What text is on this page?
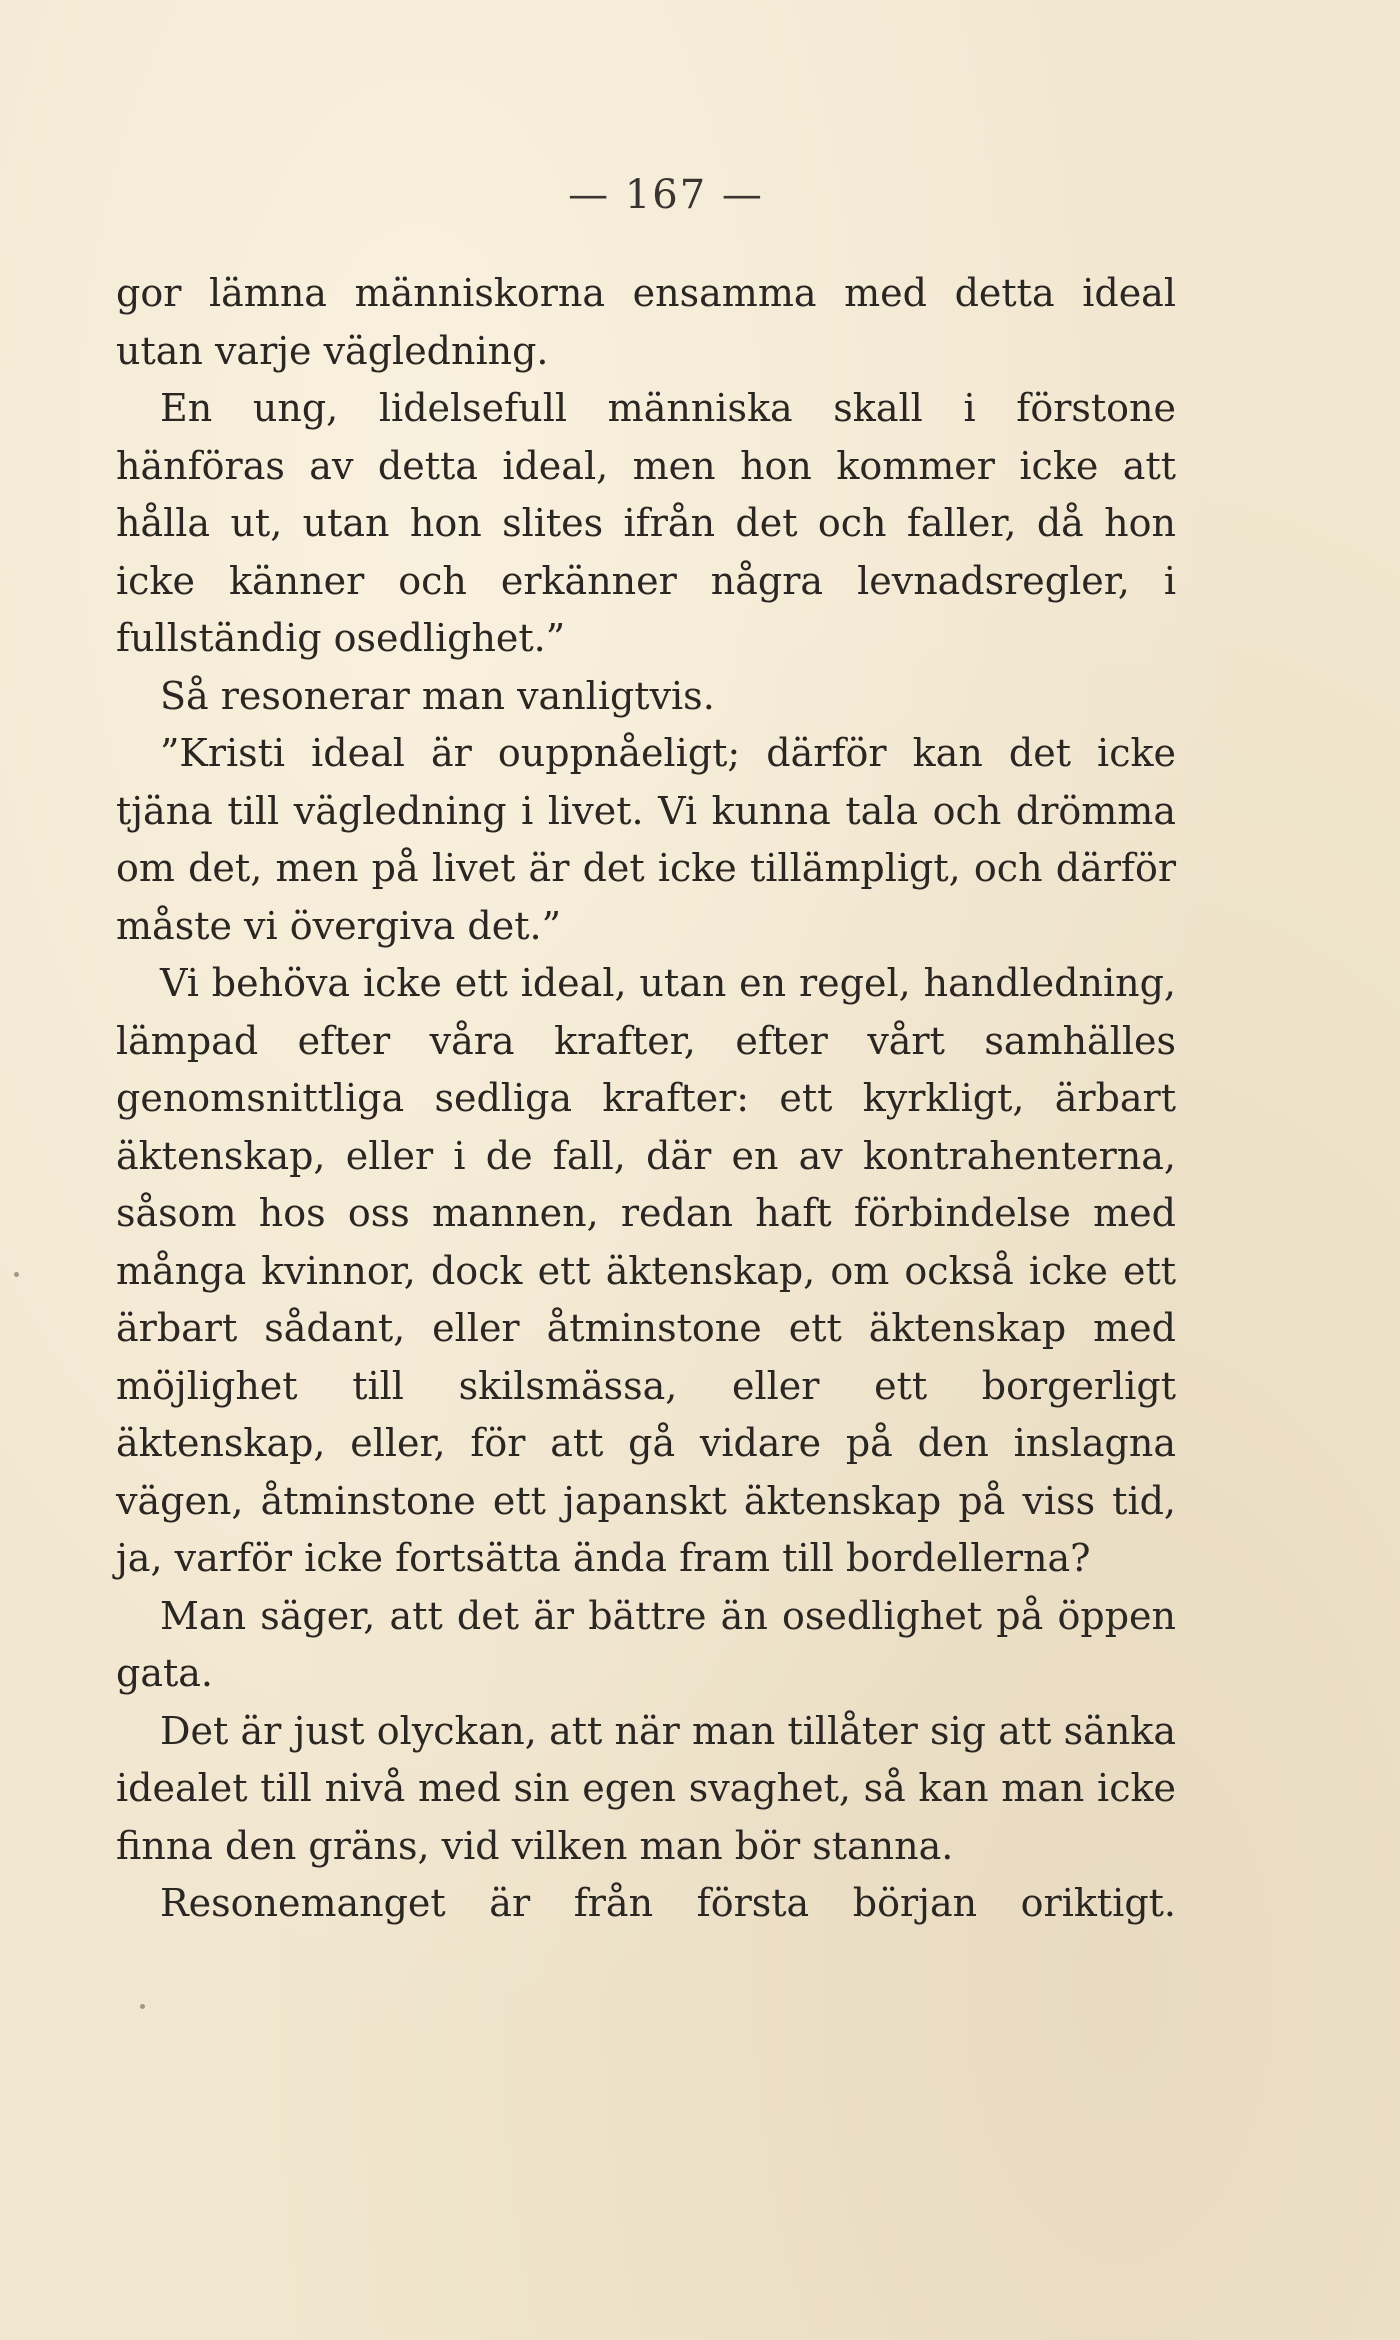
— 167 —

gor lämna människorna ensamma med detta ideal utan varje vägledning.

En ung, lidelsefull människa skall i förstone hänföras av detta ideal, men hon kommer icke att hålla ut, utan hon slites ifrån det och faller, då hon icke känner och erkänner några levnadsregler, i fullständig osedlighet.”

Så resonerar man vanligtvis.

”Kristi ideal är ouppnåeligt; därför kan det icke tjäna till vägledning i livet. Vi kunna tala och drömma om det, men på livet är det icke tillämpligt, och därför måste vi övergiva det.”

Vi behöva icke ett ideal, utan en regel, handledning, lämpad efter våra krafter, efter vårt samhälles genomsnittliga sedliga krafter: ett kyrkligt, ärbart äktenskap, eller i de fall, där en av kontrahenterna, såsom hos oss mannen, redan haft förbindelse med många kvinnor, dock ett äktenskap, om också icke ett ärbart sådant, eller åtminstone ett äktenskap med möjlighet till skilsmässa, eller ett borgerligt äktenskap, eller, för att gå vidare på den inslagna vägen, åtminstone ett japanskt äktenskap på viss tid, ja, varför icke fortsätta ända fram till bordellerna?

Man säger, att det är bättre än osedlighet på öppen gata.

Det är just olyckan, att när man tillåter sig att sänka idealet till nivå med sin egen svaghet, så kan man icke finna den gräns, vid vilken man bör stanna.

Resonemanget är från första början oriktigt.
